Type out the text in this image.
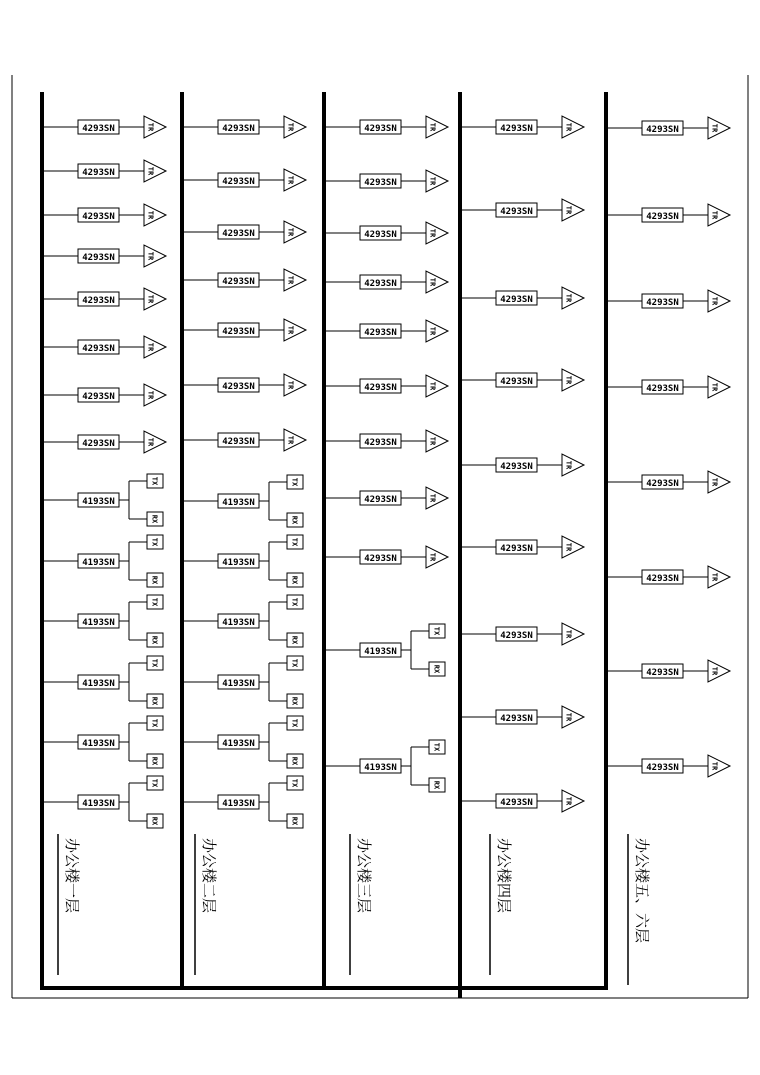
4293SN	TR
4293SN	TR
4293SN	TR
4293SN	TR
4293SN	TR
4293SN	TR
4293SN	TR
4293SN	TR
4193SN
TX
RX
4193SN
TX
RX
4193SN
TX
RX
4193SN
TX
RX
4193SN
TX
RX
4193SN
TX
RX
4293SN	TR
4293SN	TR
4293SN	TR
4293SN	TR
4293SN	TR
4293SN	TR
4293SN	TR
4193SN
TX
RX
4193SN
TX
RX
4193SN
TX
RX
4193SN
TX
RX
4193SN
TX
RX
4193SN
TX
RX
4293SN	TR
4293SN	TR
4293SN	TR
4293SN	TR
4293SN	TR
4293SN	TR
4293SN	TR
4293SN	TR
4293SN	TR
4193SN
TX
RX
4193SN
TX
RX
4293SN	TR
4293SN	TR
4293SN	TR
4293SN	TR
4293SN	TR
4293SN	TR
4293SN	TR
4293SN	TR
4293SN	TR
4293SN	TR
4293SN	TR
4293SN	TR
4293SN	TR
4293SN	TR
4293SN	TR
4293SN	TR
4293SN	TR
办公楼一层	办公楼二层	办公楼三层	办公楼四层	办公楼五、六层
